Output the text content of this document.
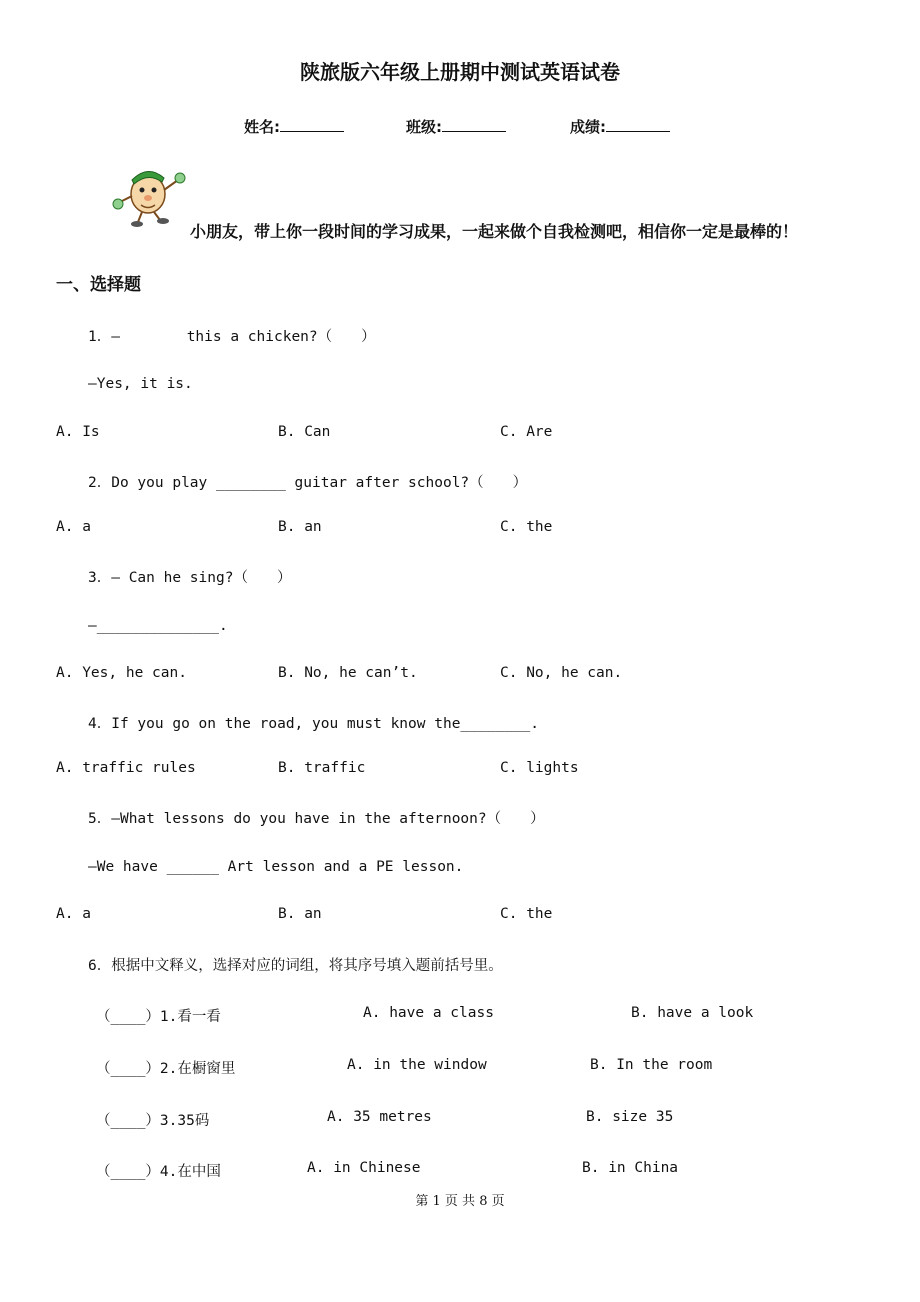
陕旅版六年级上册期中测试英语试卷
姓名:	班级:	成绩:
小朋友，带上你一段时间的学习成果，一起来做个自我检测吧，相信你一定是最棒的！
一、选择题
1．—　　　　 this a chicken?（　　）
—Yes, it is.
A. Is	B. Can	C. Are
2．Do you play ________ guitar after school?（　　）
A. a	B. an	C. the
3．— Can he sing?（　　）
—______________.
A. Yes, he can.	B. No, he can’t.	C. No, he can.
4．If you go on the road, you must know the________.
A. traffic rules	B. traffic	C. lights
5．—What lessons do you have in the afternoon?（　　）
—We have ______ Art lesson and a PE lesson.
A. a	B. an	C. the
6．根据中文释义，选择对应的词组，将其序号填入题前括号里。
（____）1.看一看	A. have a class	B. have a look
（____）2.在橱窗里	A. in the window	B. In the room
（____）3.35码	A. 35 metres	B. size 35
（____）4.在中国	A. in Chinese	B. in China
第 1 页 共 8 页
